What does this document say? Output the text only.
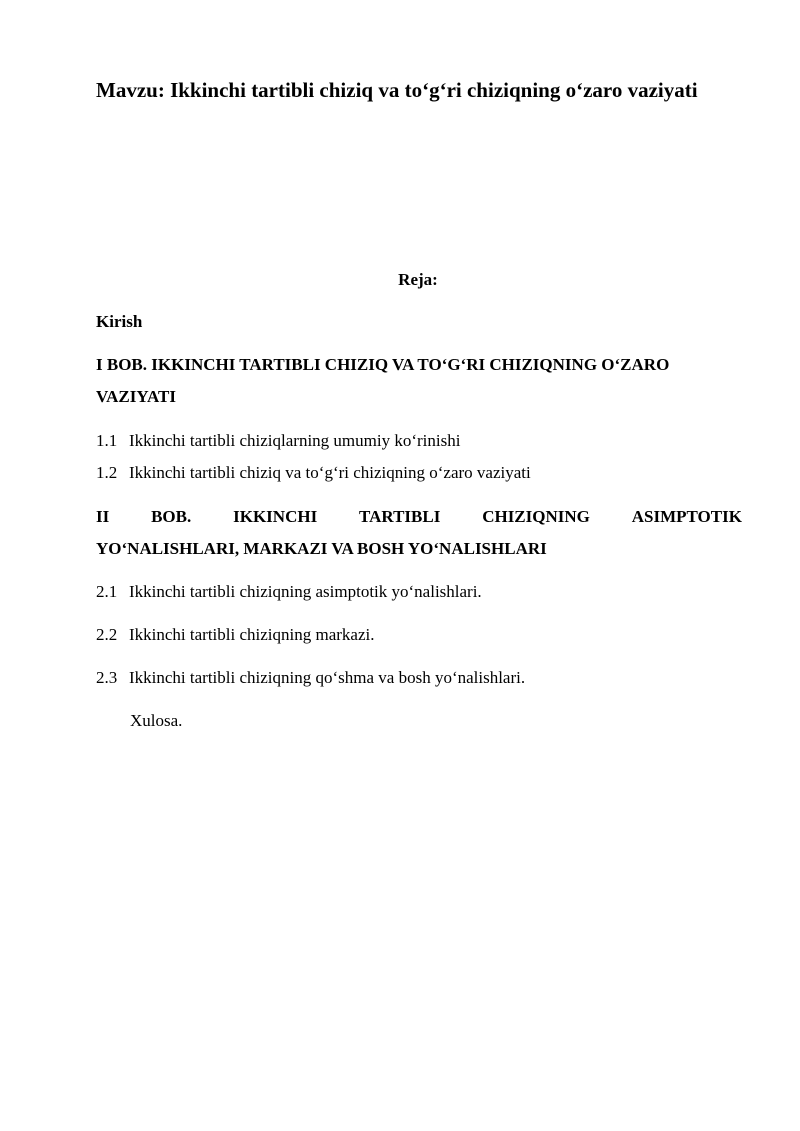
Mavzu: Ikkinchi tartibli chiziq va to‘g‘ri chiziqning o‘zaro vaziyati
Reja:
Kirish
I BOB. IKKINCHI TARTIBLI CHIZIQ VA TO‘G‘RI CHIZIQNING O‘ZARO
VAZIYATI
1.1 Ikkinchi tartibli chiziqlarning umumiy ko‘rinishi
1.2 Ikkinchi tartibli chiziq va to‘g‘ri chiziqning o‘zaro vaziyati
II BOB. IKKINCHI TARTIBLI CHIZIQNING ASIMPTOTIK
YO‘NALISHLARI, MARKAZI VA BOSH YO‘NALISHLARI
2.1 Ikkinchi tartibli chiziqning asimptotik yo‘nalishlari.
2.2 Ikkinchi tartibli chiziqning markazi.
2.3 Ikkinchi tartibli chiziqning qo‘shma va bosh yo‘nalishlari.
Xulosa.
